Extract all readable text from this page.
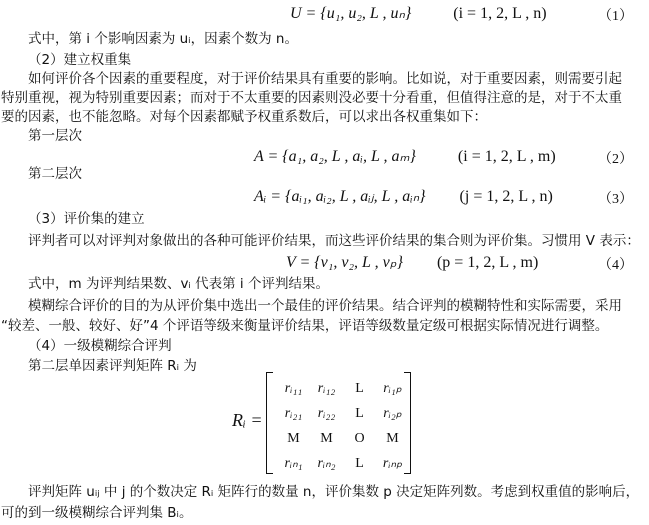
U = {u₁, u₂, L , uₙ}	(i = 1, 2, L , n)	（1）
式中，第 i 个影响因素为 uᵢ，因素个数为 n。
（2）建立权重集
如何评价各个因素的重要程度，对于评价结果具有重要的影响。比如说，对于重要因素，则需要引起
特别重视，视为特别重要因素；而对于不太重要的因素则没必要十分看重，但值得注意的是，对于不太重
要的因素，也不能忽略。对每个因素都赋予权重系数后，可以求出各权重集如下：
第一层次
A = {a₁, a₂, L , aᵢ, L , aₘ}	(i = 1, 2, L , m)	（2）
第二层次
Aᵢ = {aᵢ₁, aᵢ₂, L , aᵢⱼ, L , aᵢₙ} (j = 1, 2, L , n)	（3）
（3）评价集的建立
评判者可以对评判对象做出的各种可能评价结果，而这些评价结果的集合则为评价集。习惯用 V 表示：
V = {v₁, v₂, L , vₚ} (p = 1, 2, L , m)	（4）
式中，m 为评判结果数、vᵢ 代表第 i 个评判结果。
模糊综合评价的目的为从评价集中选出一个最佳的评价结果。结合评判的模糊特性和实际需要，采用
“较差、一般、较好、好”4 个评语等级来衡量评价结果，评语等级数量定级可根据实际情况进行调整。
（4）一级模糊综合评判
第二层单因素评判矩阵 Rᵢ 为
Rᵢ =
rᵢ₁₁	rᵢ₁₂	L	rᵢ₁ₚ
rᵢ₂₁	rᵢ₂₂	L	rᵢ₂ₚ
M	M	O	M
rᵢₙ₁	rᵢₙ₂	L	rᵢₙₚ
评判矩阵 uᵢⱼ 中 j 的个数决定 Rᵢ 矩阵行的数量 n，评价集数 p 决定矩阵列数。考虑到权重值的影响后，
可的到一级模糊综合评判集 Bᵢ。
